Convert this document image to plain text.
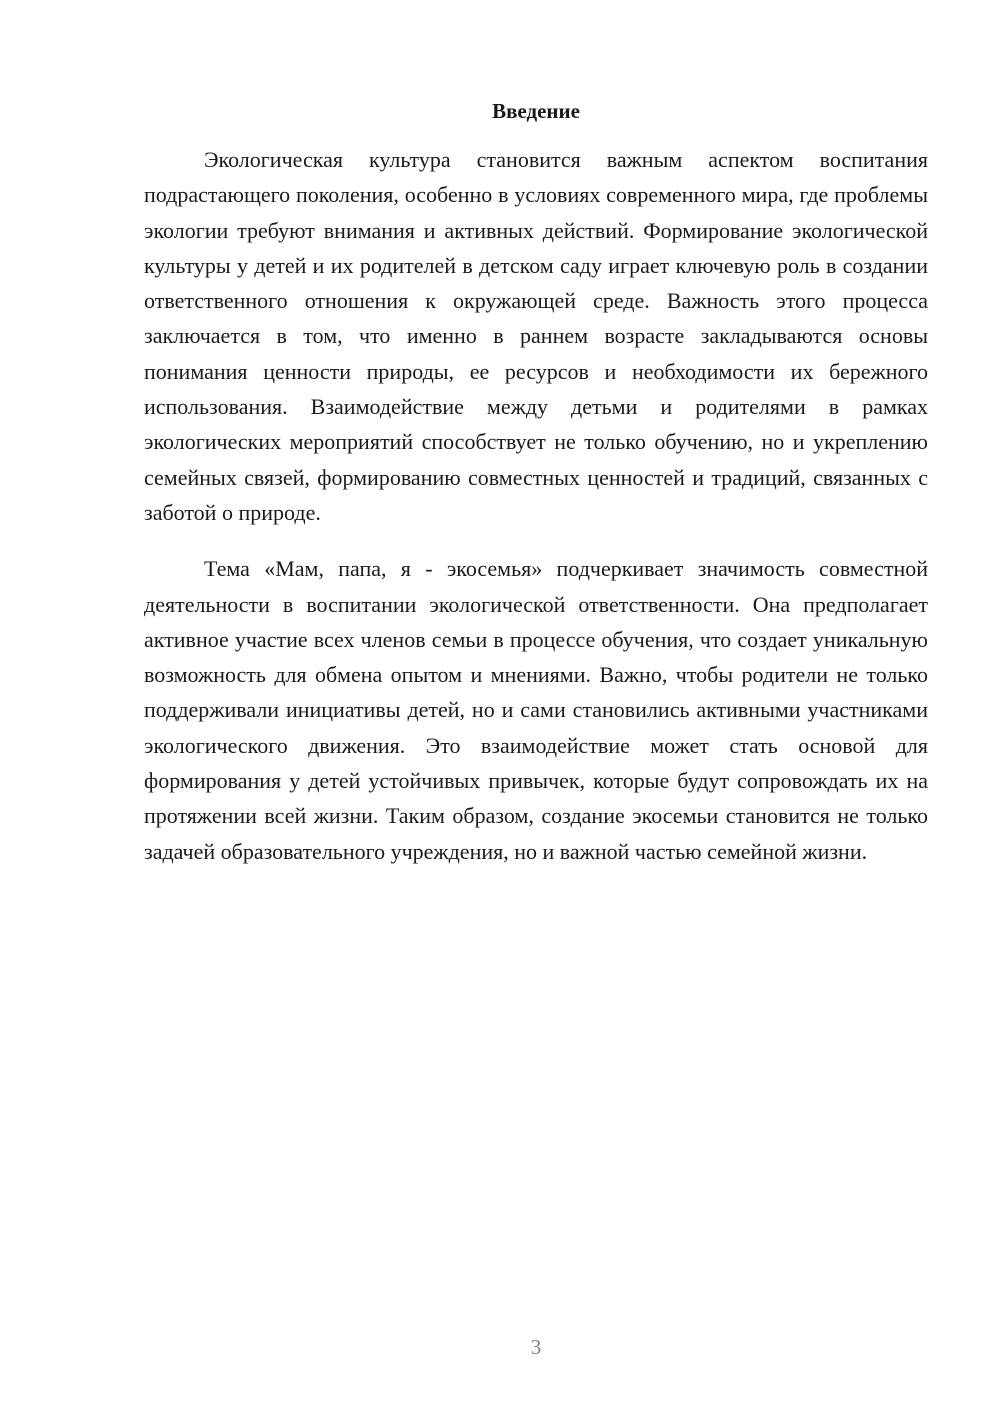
Введение

Экологическая культура становится важным аспектом воспитания подрастающего поколения, особенно в условиях современного мира, где проблемы экологии требуют внимания и активных действий. Формирование экологической культуры у детей и их родителей в детском саду играет ключевую роль в создании ответственного отношения к окружающей среде. Важность этого процесса заключается в том, что именно в раннем возрасте закладываются основы понимания ценности природы, ее ресурсов и необходимости их бережного использования. Взаимодействие между детьми и родителями в рамках экологических мероприятий способствует не только обучению, но и укреплению семейных связей, формированию совместных ценностей и традиций, связанных с заботой о природе.

Тема «Мам, папа, я - экосемья» подчеркивает значимость совместной деятельности в воспитании экологической ответственности. Она предполагает активное участие всех членов семьи в процессе обучения, что создает уникальную возможность для обмена опытом и мнениями. Важно, чтобы родители не только поддерживали инициативы детей, но и сами становились активными участниками экологического движения. Это взаимодействие может стать основой для формирования у детей устойчивых привычек, которые будут сопровождать их на протяжении всей жизни. Таким образом, создание экосемьи становится не только задачей образовательного учреждения, но и важной частью семейной жизни.

3
